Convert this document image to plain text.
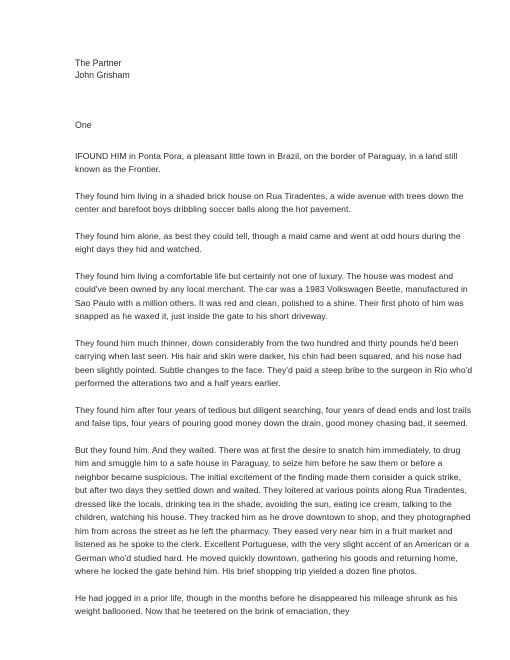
The Partner

John Grisham

One

IFOUND HIM in Ponta Pora, a pleasant little town in Brazil, on the border of Paraguay, in a land still known as the Frontier.

They found him living in a shaded brick house on Rua Tiradentes, a wide avenue with trees down the center and barefoot boys dribbling soccer balls along the hot pavement.

They found him alone, as best they could tell, though a maid came and went at odd hours during the eight days they hid and watched.

They found him living a comfortable life but certainly not one of luxury. The house was modest and could've been owned by any local merchant. The car was a 1983 Volkswagen Beetle, manufactured in Sao Paulo with a million others. It was red and clean, polished to a shine. Their first photo of him was snapped as he waxed it, just inside the gate to his short driveway.

They found him much thinner, down considerably from the two hundred and thirty pounds he'd been carrying when last seen. His hair and skin were darker, his chin had been squared, and his nose had been slightly pointed. Subtle changes to the face. They'd paid a steep bribe to the surgeon in Rio who'd performed the alterations two and a half years earlier.

They found him after four years of tedious but diligent searching, four years of dead ends and lost trails and false tips, four years of pouring good money down the drain, good money chasing bad, it seemed.

But they found him. And they waited. There was at first the desire to snatch him immediately, to drug him and smuggle him to a safe house in Paraguay, to seize him before he saw them or before a neighbor became suspicious. The initial excitement of the finding made them consider a quick strike, but after two days they settled down and waited. They loitered at various points along Rua Tiradentes, dressed like the locals, drinking tea in the shade, avoiding the sun, eating ice cream, talking to the children, watching his house. They tracked him as he drove downtown to shop, and they photographed him from across the street as he left the pharmacy. They eased very near him in a fruit market and listened as he spoke to the clerk. Excellent Portuguese, with the very slight accent of an American or a German who'd studied hard. He moved quickly downtown, gathering his goods and returning home, where he locked the gate behind him. His brief shopping trip yielded a dozen fine photos.

He had jogged in a prior life, though in the months before he disappeared his mileage shrunk as his weight ballooned. Now that he teetered on the brink of emaciation, they
